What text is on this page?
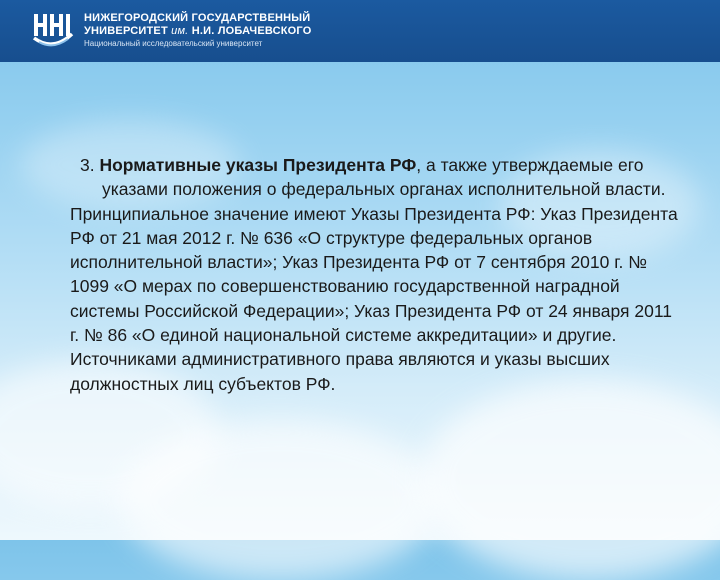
НИЖЕГОРОДСКИЙ ГОСУДАРСТВЕННЫЙ
УНИВЕРСИТЕТ им. Н.И. ЛОБАЧЕВСКОГО
Национальный исследовательский университет

3. Нормативные указы Президента РФ, а также утверждаемые его указами положения о федеральных органах исполнительной власти.

Принципиальное значение имеют Указы Президента РФ: Указ Президента РФ от 21 мая 2012 г. № 636 «О структуре федеральных органов исполнительной власти»; Указ Президента РФ от 7 сентября 2010 г. № 1099 «О мерах по совершенствованию государственной наградной системы Российской Федерации»; Указ Президента РФ от 24 января 2011 г. № 86 «О единой национальной системе аккредитации» и другие.

Источниками административного права являются и указы высших должностных лиц субъектов РФ.
